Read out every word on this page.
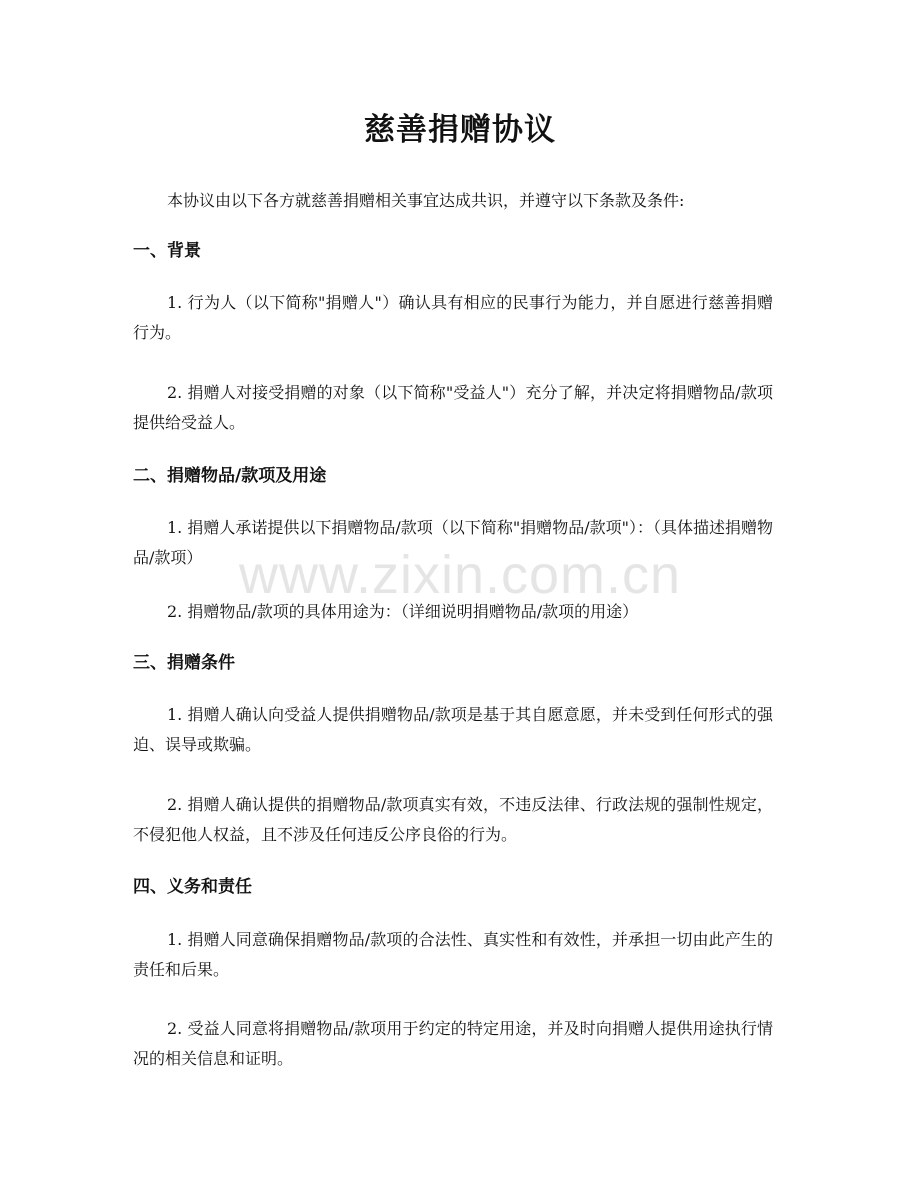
慈善捐赠协议

本协议由以下各方就慈善捐赠相关事宜达成共识，并遵守以下条款及条件:

一、背景

1. 行为人（以下简称"捐赠人"）确认具有相应的民事行为能力，并自愿进行慈善捐赠行为。

2. 捐赠人对接受捐赠的对象（以下简称"受益人"）充分了解，并决定将捐赠物品/款项提供给受益人。

二、捐赠物品/款项及用途

1. 捐赠人承诺提供以下捐赠物品/款项（以下简称"捐赠物品/款项"）：（具体描述捐赠物品/款项）

2. 捐赠物品/款项的具体用途为：（详细说明捐赠物品/款项的用途）

三、捐赠条件

1. 捐赠人确认向受益人提供捐赠物品/款项是基于其自愿意愿，并未受到任何形式的强迫、误导或欺骗。

2. 捐赠人确认提供的捐赠物品/款项真实有效，不违反法律、行政法规的强制性规定，不侵犯他人权益，且不涉及任何违反公序良俗的行为。

四、义务和责任

1. 捐赠人同意确保捐赠物品/款项的合法性、真实性和有效性，并承担一切由此产生的责任和后果。

2. 受益人同意将捐赠物品/款项用于约定的特定用途，并及时向捐赠人提供用途执行情况的相关信息和证明。

www.zixin.com.cn
